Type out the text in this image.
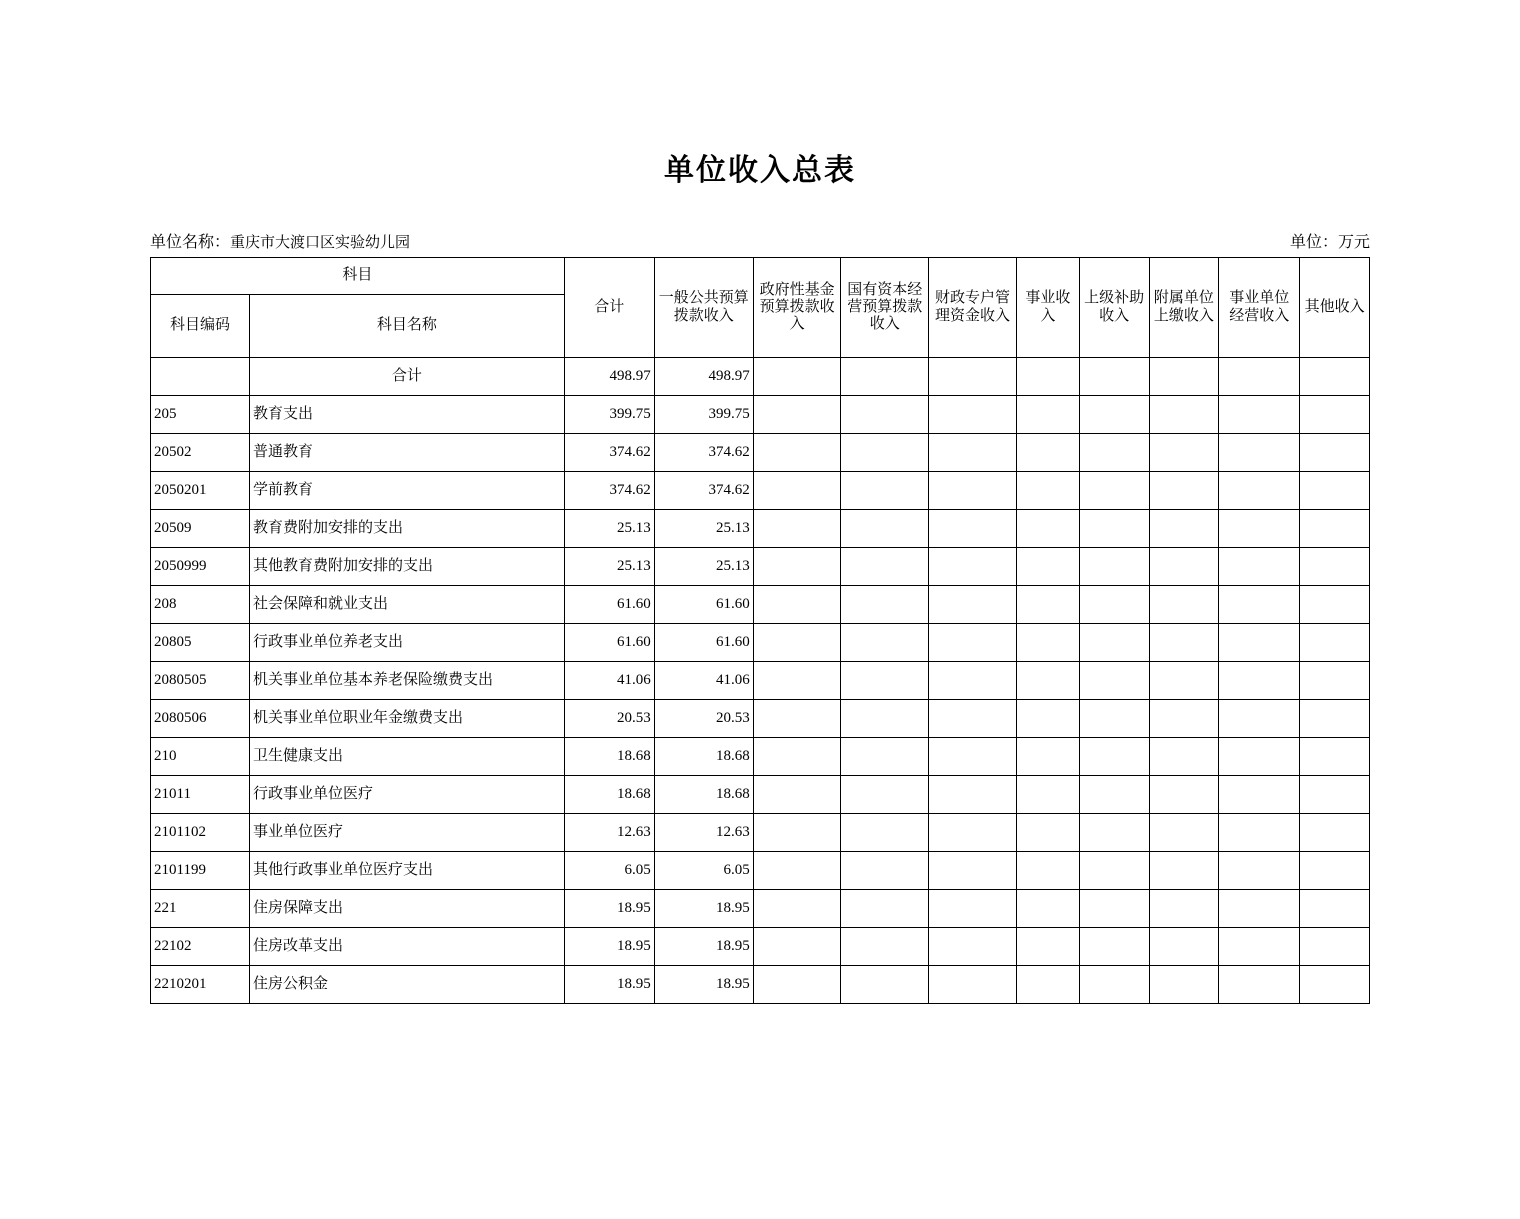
单位收入总表
单位名称：重庆市大渡口区实验幼儿园	单位：万元
科目		合计	一般公共预算拨款收入	政府性基金预算拨款收入	国有资本经营预算拨款收入	财政专户管理资金收入	事业收入	上级补助收入	附属单位上缴收入	事业单位经营收入	其他收入
科目编码	科目名称										
	合计	498.97	498.97								
205	教育支出	399.75	399.75								
20502	普通教育	374.62	374.62								
2050201	学前教育	374.62	374.62								
20509	教育费附加安排的支出	25.13	25.13								
2050999	其他教育费附加安排的支出	25.13	25.13								
208	社会保障和就业支出	61.60	61.60								
20805	行政事业单位养老支出	61.60	61.60								
2080505	机关事业单位基本养老保险缴费支出	41.06	41.06								
2080506	机关事业单位职业年金缴费支出	20.53	20.53								
210	卫生健康支出	18.68	18.68								
21011	行政事业单位医疗	18.68	18.68								
2101102	事业单位医疗	12.63	12.63								
2101199	其他行政事业单位医疗支出	6.05	6.05								
221	住房保障支出	18.95	18.95								
22102	住房改革支出	18.95	18.95								
2210201	住房公积金	18.95	18.95								
